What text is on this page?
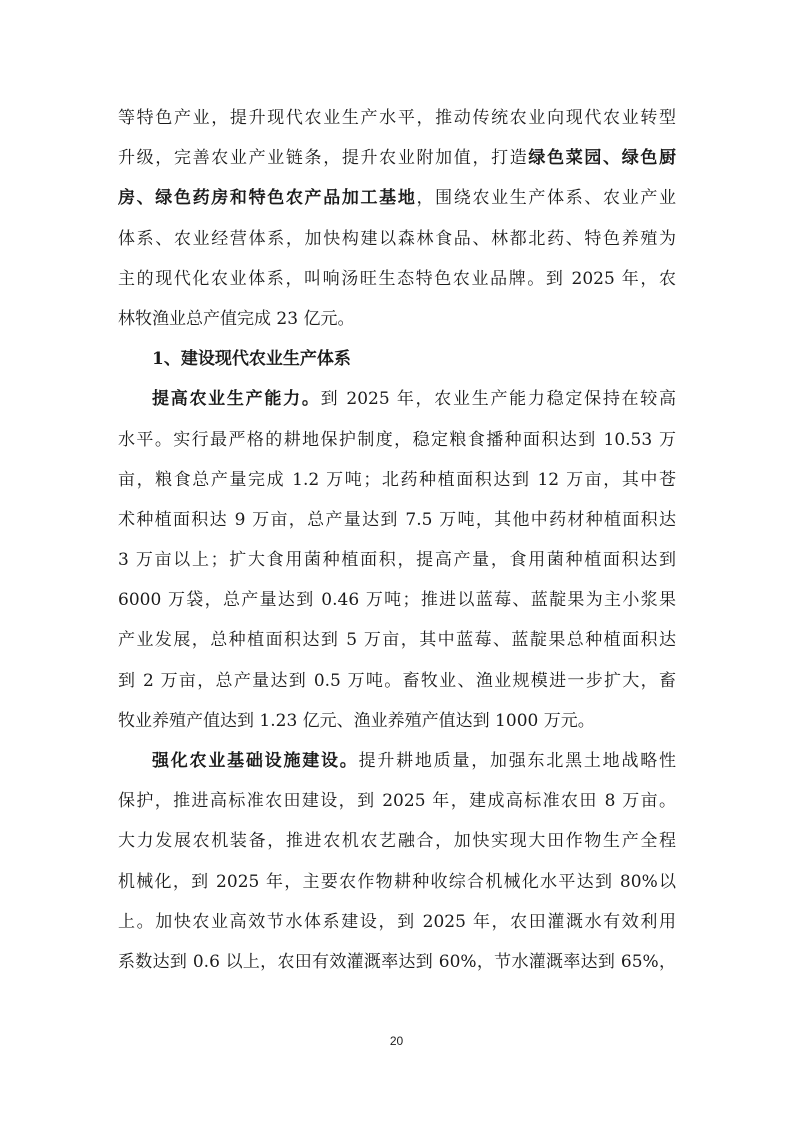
等特色产业，提升现代农业生产水平，推动传统农业向现代农业转型
升级，完善农业产业链条，提升农业附加值，打造绿色菜园、绿色厨
房、绿色药房和特色农产品加工基地，围绕农业生产体系、农业产业
体系、农业经营体系，加快构建以森林食品、林都北药、特色养殖为
主的现代化农业体系，叫响汤旺生态特色农业品牌。到 2025 年，农
林牧渔业总产值完成 23 亿元。
1、建设现代农业生产体系
提高农业生产能力。到 2025 年，农业生产能力稳定保持在较高
水平。实行最严格的耕地保护制度，稳定粮食播种面积达到 10.53 万
亩，粮食总产量完成 1.2 万吨；北药种植面积达到 12 万亩，其中苍
术种植面积达 9 万亩，总产量达到 7.5 万吨，其他中药材种植面积达
3 万亩以上；扩大食用菌种植面积，提高产量，食用菌种植面积达到
6000 万袋，总产量达到 0.46 万吨；推进以蓝莓、蓝靛果为主小浆果
产业发展，总种植面积达到 5 万亩，其中蓝莓、蓝靛果总种植面积达
到 2 万亩，总产量达到 0.5 万吨。畜牧业、渔业规模进一步扩大，畜
牧业养殖产值达到 1.23 亿元、渔业养殖产值达到 1000 万元。
强化农业基础设施建设。提升耕地质量，加强东北黑土地战略性
保护，推进高标准农田建设，到 2025 年，建成高标准农田 8 万亩。
大力发展农机装备，推进农机农艺融合，加快实现大田作物生产全程
机械化，到 2025 年，主要农作物耕种收综合机械化水平达到 80%以
上。加快农业高效节水体系建设，到 2025 年，农田灌溉水有效利用
系数达到 0.6 以上，农田有效灌溉率达到 60%，节水灌溉率达到 65%，
20
